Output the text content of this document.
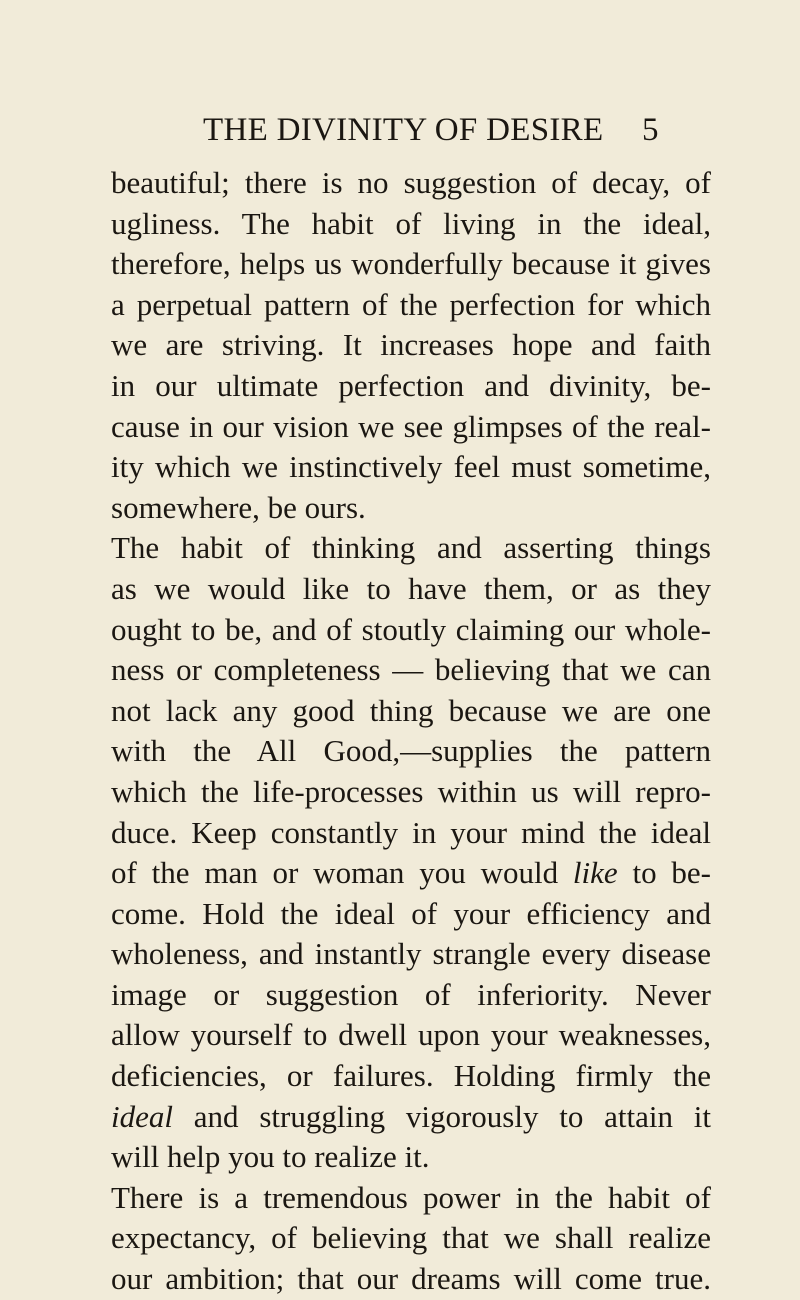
THE DIVINITY OF DESIRE	5
beautiful; there is no suggestion of decay, of
ugliness. The habit of living in the ideal,
therefore, helps us wonderfully because it gives
a perpetual pattern of the perfection for which
we are striving. It increases hope and faith
in our ultimate perfection and divinity, be-
cause in our vision we see glimpses of the real-
ity which we instinctively feel must sometime,
somewhere, be ours.
The habit of thinking and asserting things
as we would like to have them, or as they
ought to be, and of stoutly claiming our whole-
ness or completeness — believing that we can
not lack any good thing because we are one
with the All Good,—supplies the pattern
which the life-processes within us will repro-
duce. Keep constantly in your mind the ideal
of the man or woman you would like to be-
come. Hold the ideal of your efficiency and
wholeness, and instantly strangle every disease
image or suggestion of inferiority. Never
allow yourself to dwell upon your weaknesses,
deficiencies, or failures. Holding firmly the
ideal and struggling vigorously to attain it
will help you to realize it.
There is a tremendous power in the habit of
expectancy, of believing that we shall realize
our ambition; that our dreams will come true.
